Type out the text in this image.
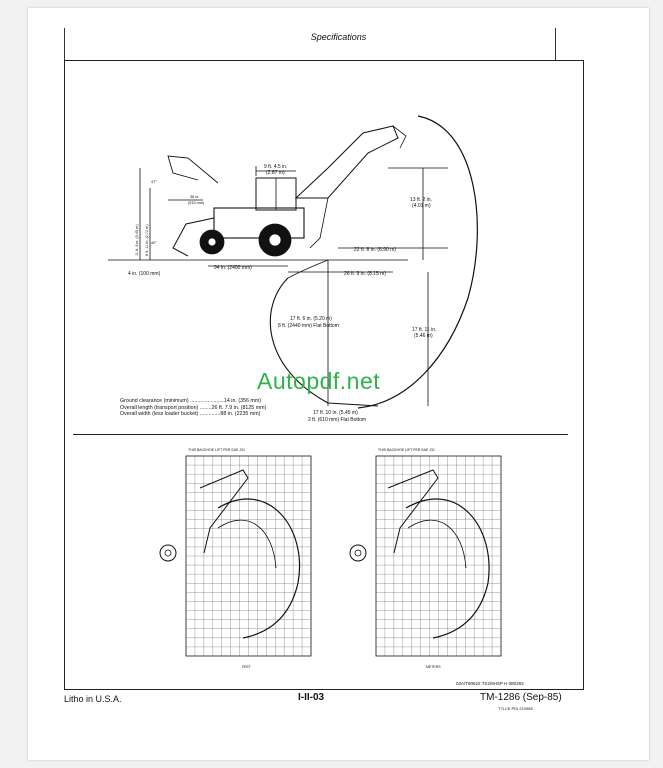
Specifications
9 ft. 4.5 in.
(2.87 m)
13 ft. 2 in.
(4.01 m)
22 ft. 8 in. (6.90 m)
26 ft. 9 in. (8.15 m)
94 in. (2400 mm)
4 in. (100 mm)
17 ft. 6 in. (5.20 m)
8 ft. (2440 mm) Flat Bottom
17 ft. 11 in.
(5.46 m)
17 ft. 10 in. (5.45 m)
2 ft. (610 mm) Flat Bottom
11 ft. 3 in. (3.45 m) 8 ft. 11 in. (2.72 m)
36 in.
(915 mm)
47°
40°
THIS BACKHOE LIFT PER SAE J31
FEET
THIS BACKHOE LIFT PER SAE J31
METERS
Ground clearance (minimum) .......................14 in. (356 mm)
Overall length (transport position) ........26 ft. 7.9 in. (8125 mm)
Overall width (less loader bucket) ..............88 in. (2235 mm)
Autopdf.net
03A/T90622 TS2/8HSP H 080393
Litho in U.S.A.	I-II-03	TM-1286 (Sep-85)
T7LCE PDI 210985
